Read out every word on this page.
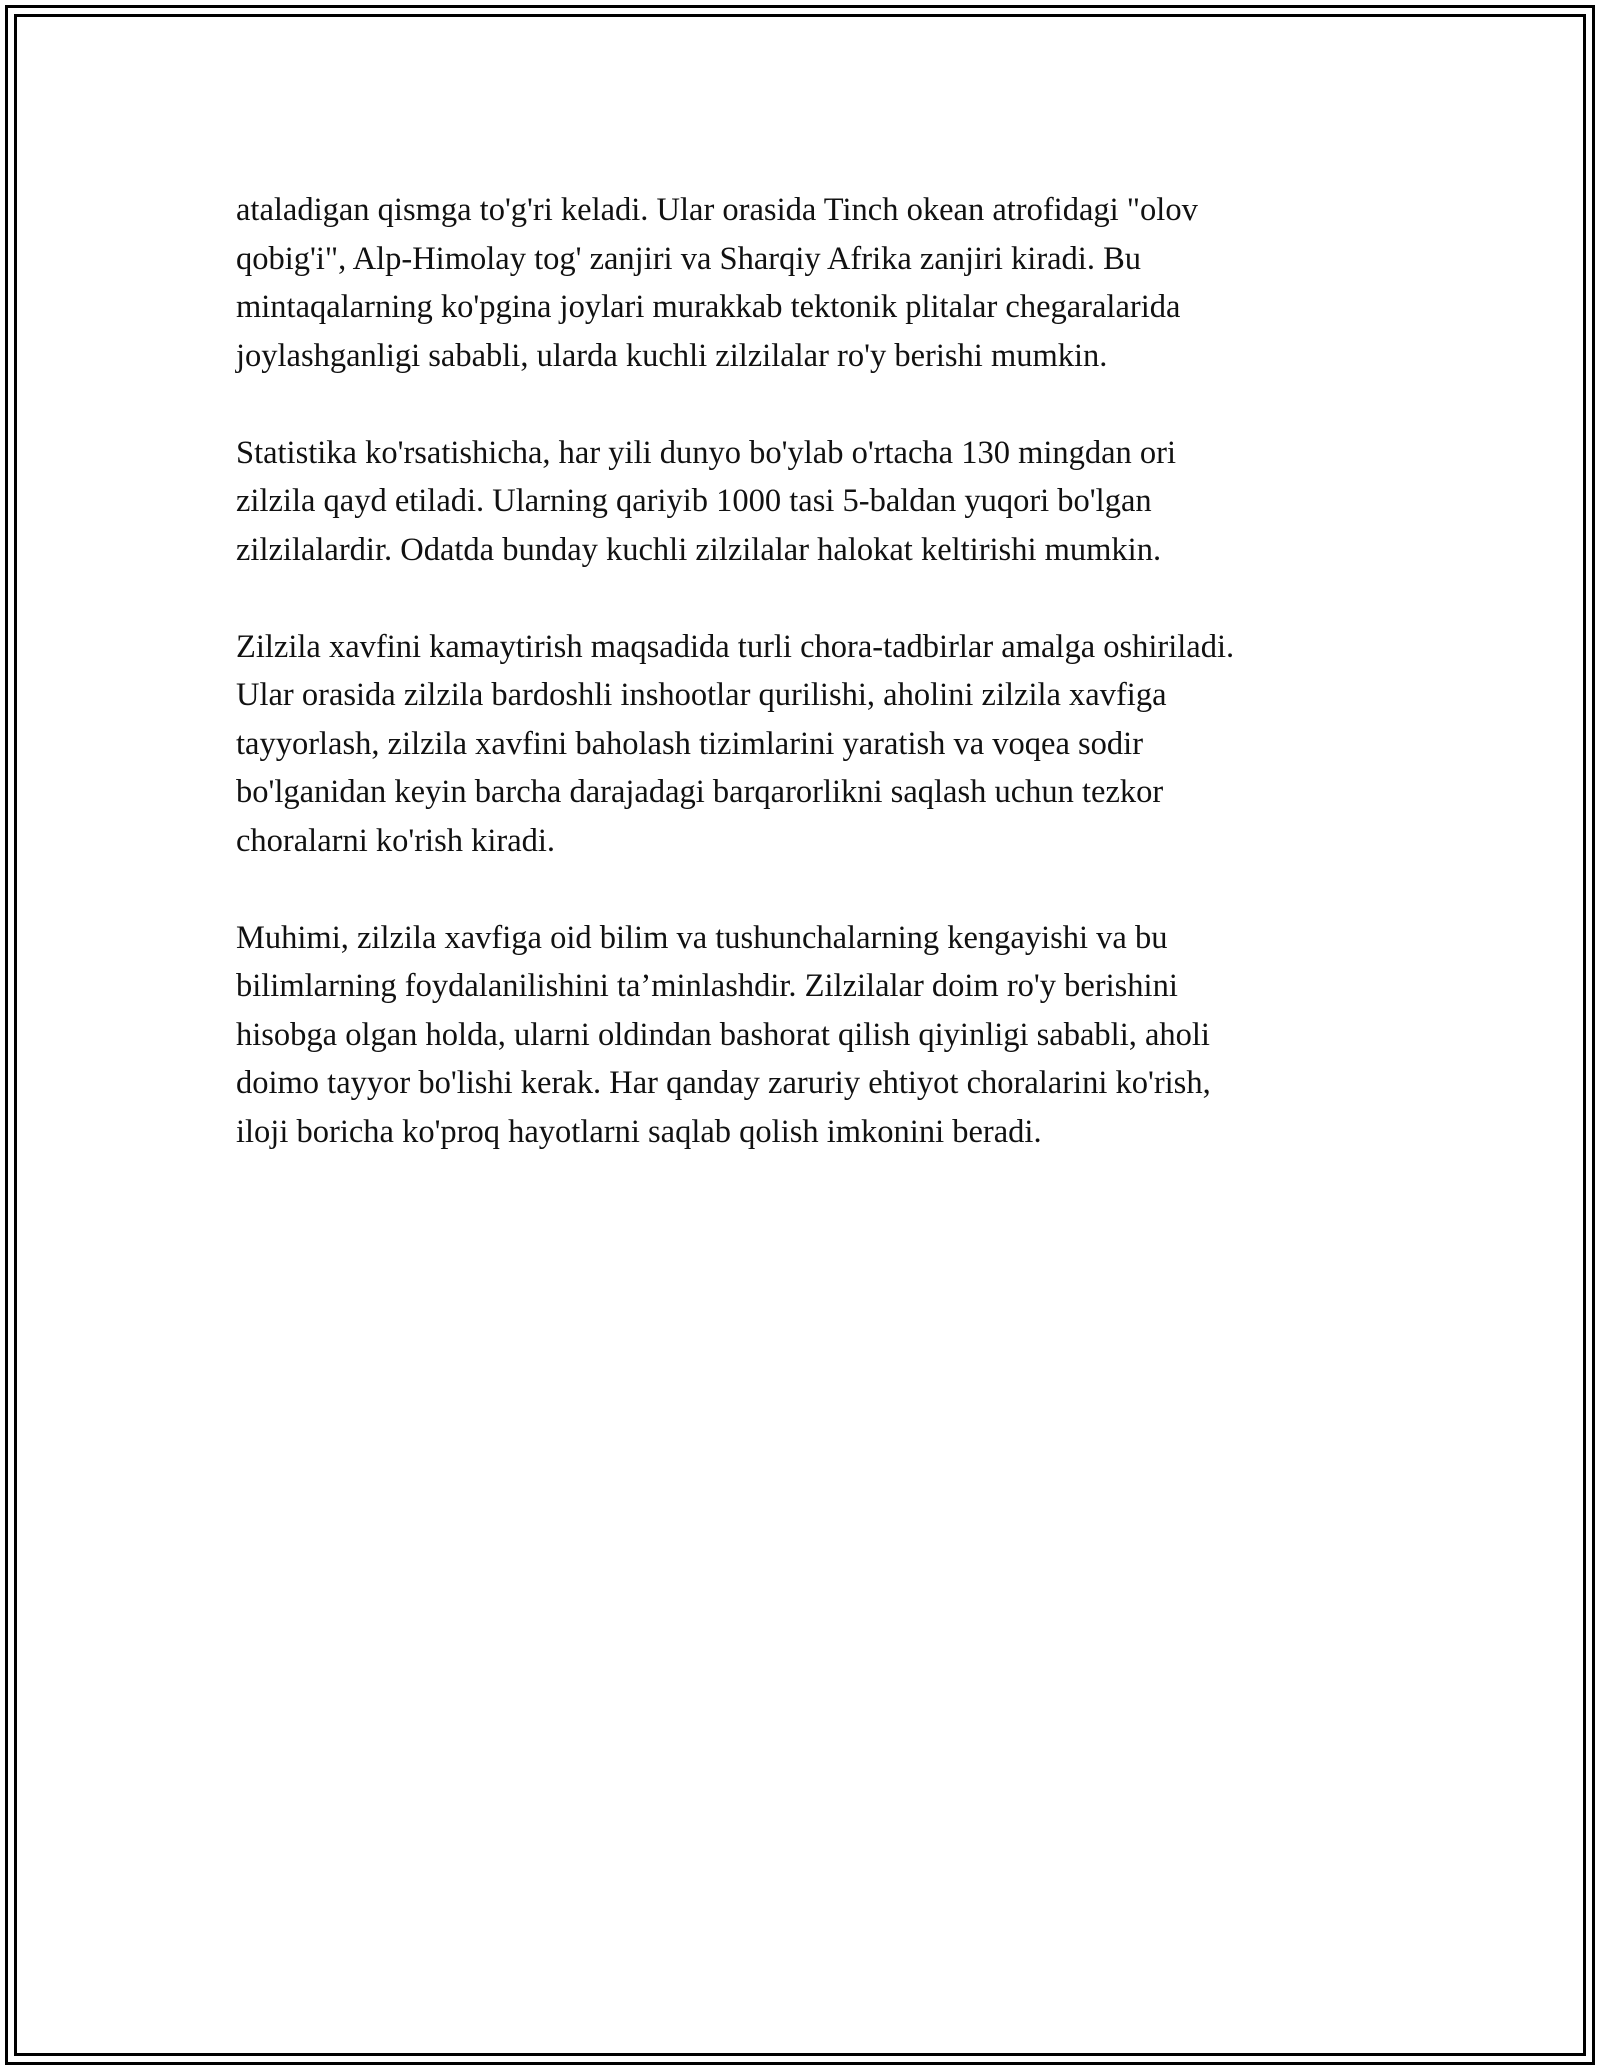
ataladigan qismga to'g'ri keladi. Ular orasida Tinch okean atrofidagi "olov
qobig'i", Alp-Himolay tog' zanjiri va Sharqiy Afrika zanjiri kiradi. Bu
mintaqalarning ko'pgina joylari murakkab tektonik plitalar chegaralarida
joylashganligi sababli, ularda kuchli zilzilalar ro'y berishi mumkin.

Statistika ko'rsatishicha, har yili dunyo bo'ylab o'rtacha 130 mingdan ori
zilzila qayd etiladi. Ularning qariyib 1000 tasi 5-baldan yuqori bo'lgan
zilzilalardir. Odatda bunday kuchli zilzilalar halokat keltirishi mumkin.

Zilzila xavfini kamaytirish maqsadida turli chora-tadbirlar amalga oshiriladi.
Ular orasida zilzila bardoshli inshootlar qurilishi, aholini zilzila xavfiga
tayyorlash, zilzila xavfini baholash tizimlarini yaratish va voqea sodir
bo'lganidan keyin barcha darajadagi barqarorlikni saqlash uchun tezkor
choralarni ko'rish kiradi.

Muhimi, zilzila xavfiga oid bilim va tushunchalarning kengayishi va bu
bilimlarning foydalanilishini ta’minlashdir. Zilzilalar doim ro'y berishini
hisobga olgan holda, ularni oldindan bashorat qilish qiyinligi sababli, aholi
doimo tayyor bo'lishi kerak. Har qanday zaruriy ehtiyot choralarini ko'rish,
iloji boricha ko'proq hayotlarni saqlab qolish imkonini beradi.
